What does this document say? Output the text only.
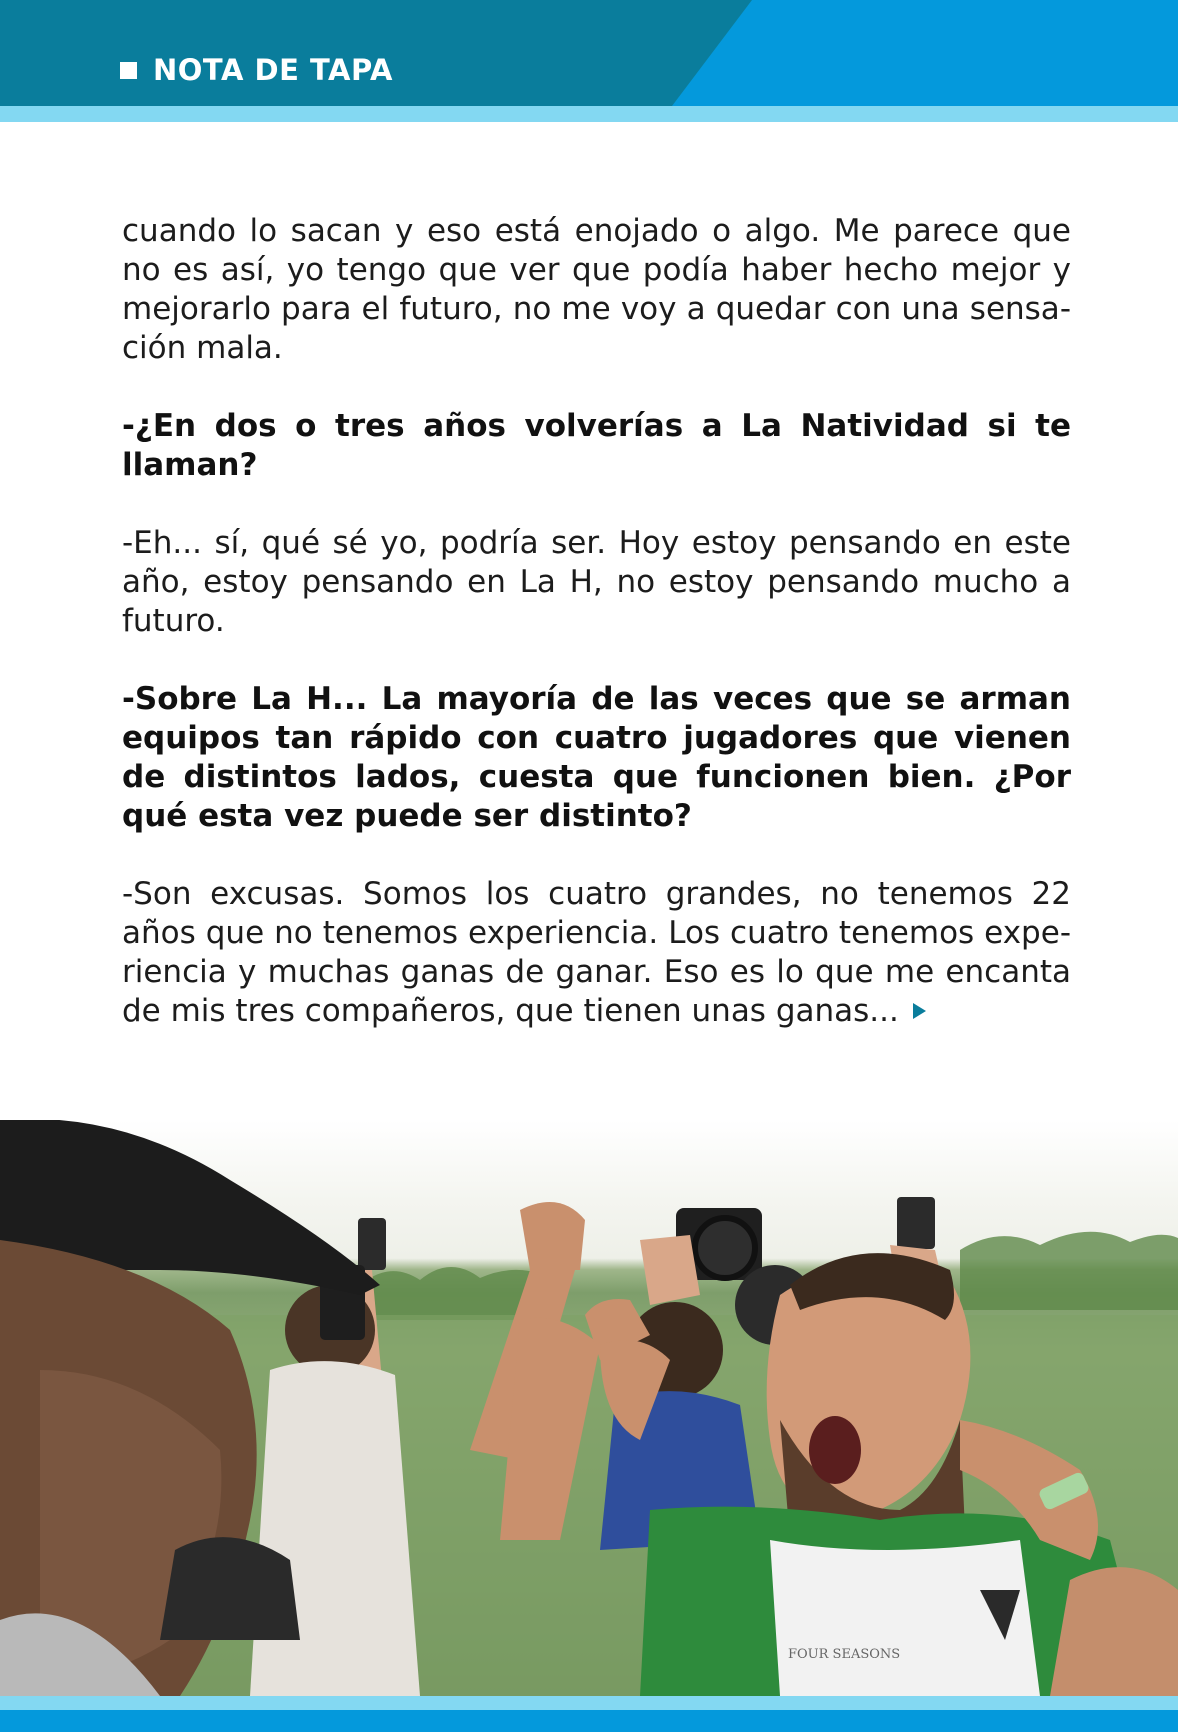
NOTA DE TAPA

cuando lo sacan y eso está enojado o algo. Me parece que no es así, yo tengo que ver que podía haber hecho mejor y mejorarlo para el futuro, no me voy a quedar con una sensación mala.

-¿En dos o tres años volverías a La Natividad si te llaman?

-Eh... sí, qué sé yo, podría ser. Hoy estoy pensando en este año, estoy pensando en La H, no estoy pensando mucho a futuro.

-Sobre La H... La mayoría de las veces que se arman equipos tan rápido con cuatro jugadores que vienen de distintos lados, cuesta que funcionen bien. ¿Por qué esta vez puede ser distinto?

-Son excusas. Somos los cuatro grandes, no tenemos 22 años que no tenemos experiencia. Los cuatro tenemos experiencia y muchas ganas de ganar. Eso es lo que me encanta de mis tres compañeros, que tienen unas ganas...

FOUR SEASONS
